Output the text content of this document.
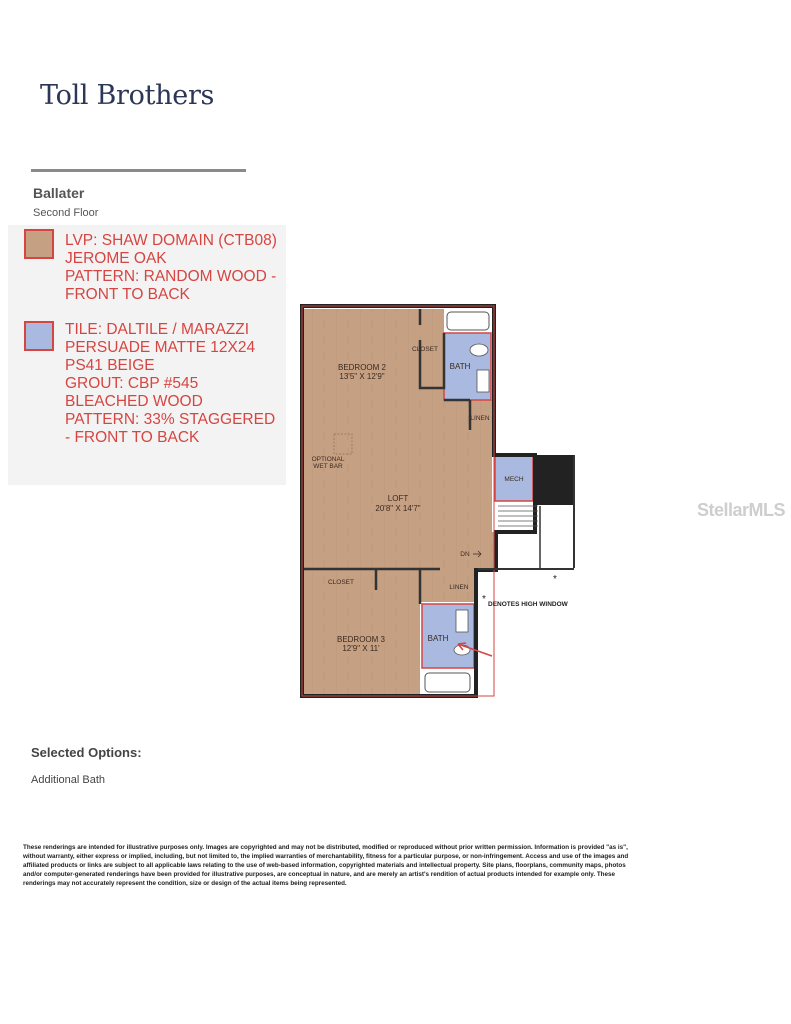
Toll Brothers
Ballater
Second Floor
LVP: SHAW DOMAIN (CTB08)
JEROME OAK
PATTERN: RANDOM WOOD -
FRONT TO BACK
TILE: DALTILE / MARAZZI
PERSUADE MATTE 12X24
PS41 BEIGE
GROUT: CBP #545
BLEACHED WOOD
PATTERN: 33% STAGGERED
- FRONT TO BACK
OPTIONAL
WET BAR
BEDROOM 2
13'5" X 12'9"
LOFT
20'8" X 14'7"
BEDROOM 3
12'9" X 11'
CLOSET
CLOSET
BATH
BATH
LINEN
LINEN
MECH
DN
*
* DENOTES HIGH WINDOW
StellarMLS
Selected Options:
Additional Bath
These renderings are intended for illustrative purposes only. Images are copyrighted and may not be distributed, modified or reproduced without prior written permission. Information is provided "as is", without warranty, either express or implied, including, but not limited to, the implied warranties of merchantability, fitness for a particular purpose, or non-infringement. Access and use of the images and affiliated products or links are subject to all applicable laws relating to the use of web-based information, copyrighted materials and intellectual property. Site plans, floorplans, community maps, photos and/or computer-generated renderings have been provided for illustrative purposes, are conceptual in nature, and are merely an artist's rendition of actual products intended for example only. These renderings may not accurately represent the condition, size or design of the actual items being represented.
